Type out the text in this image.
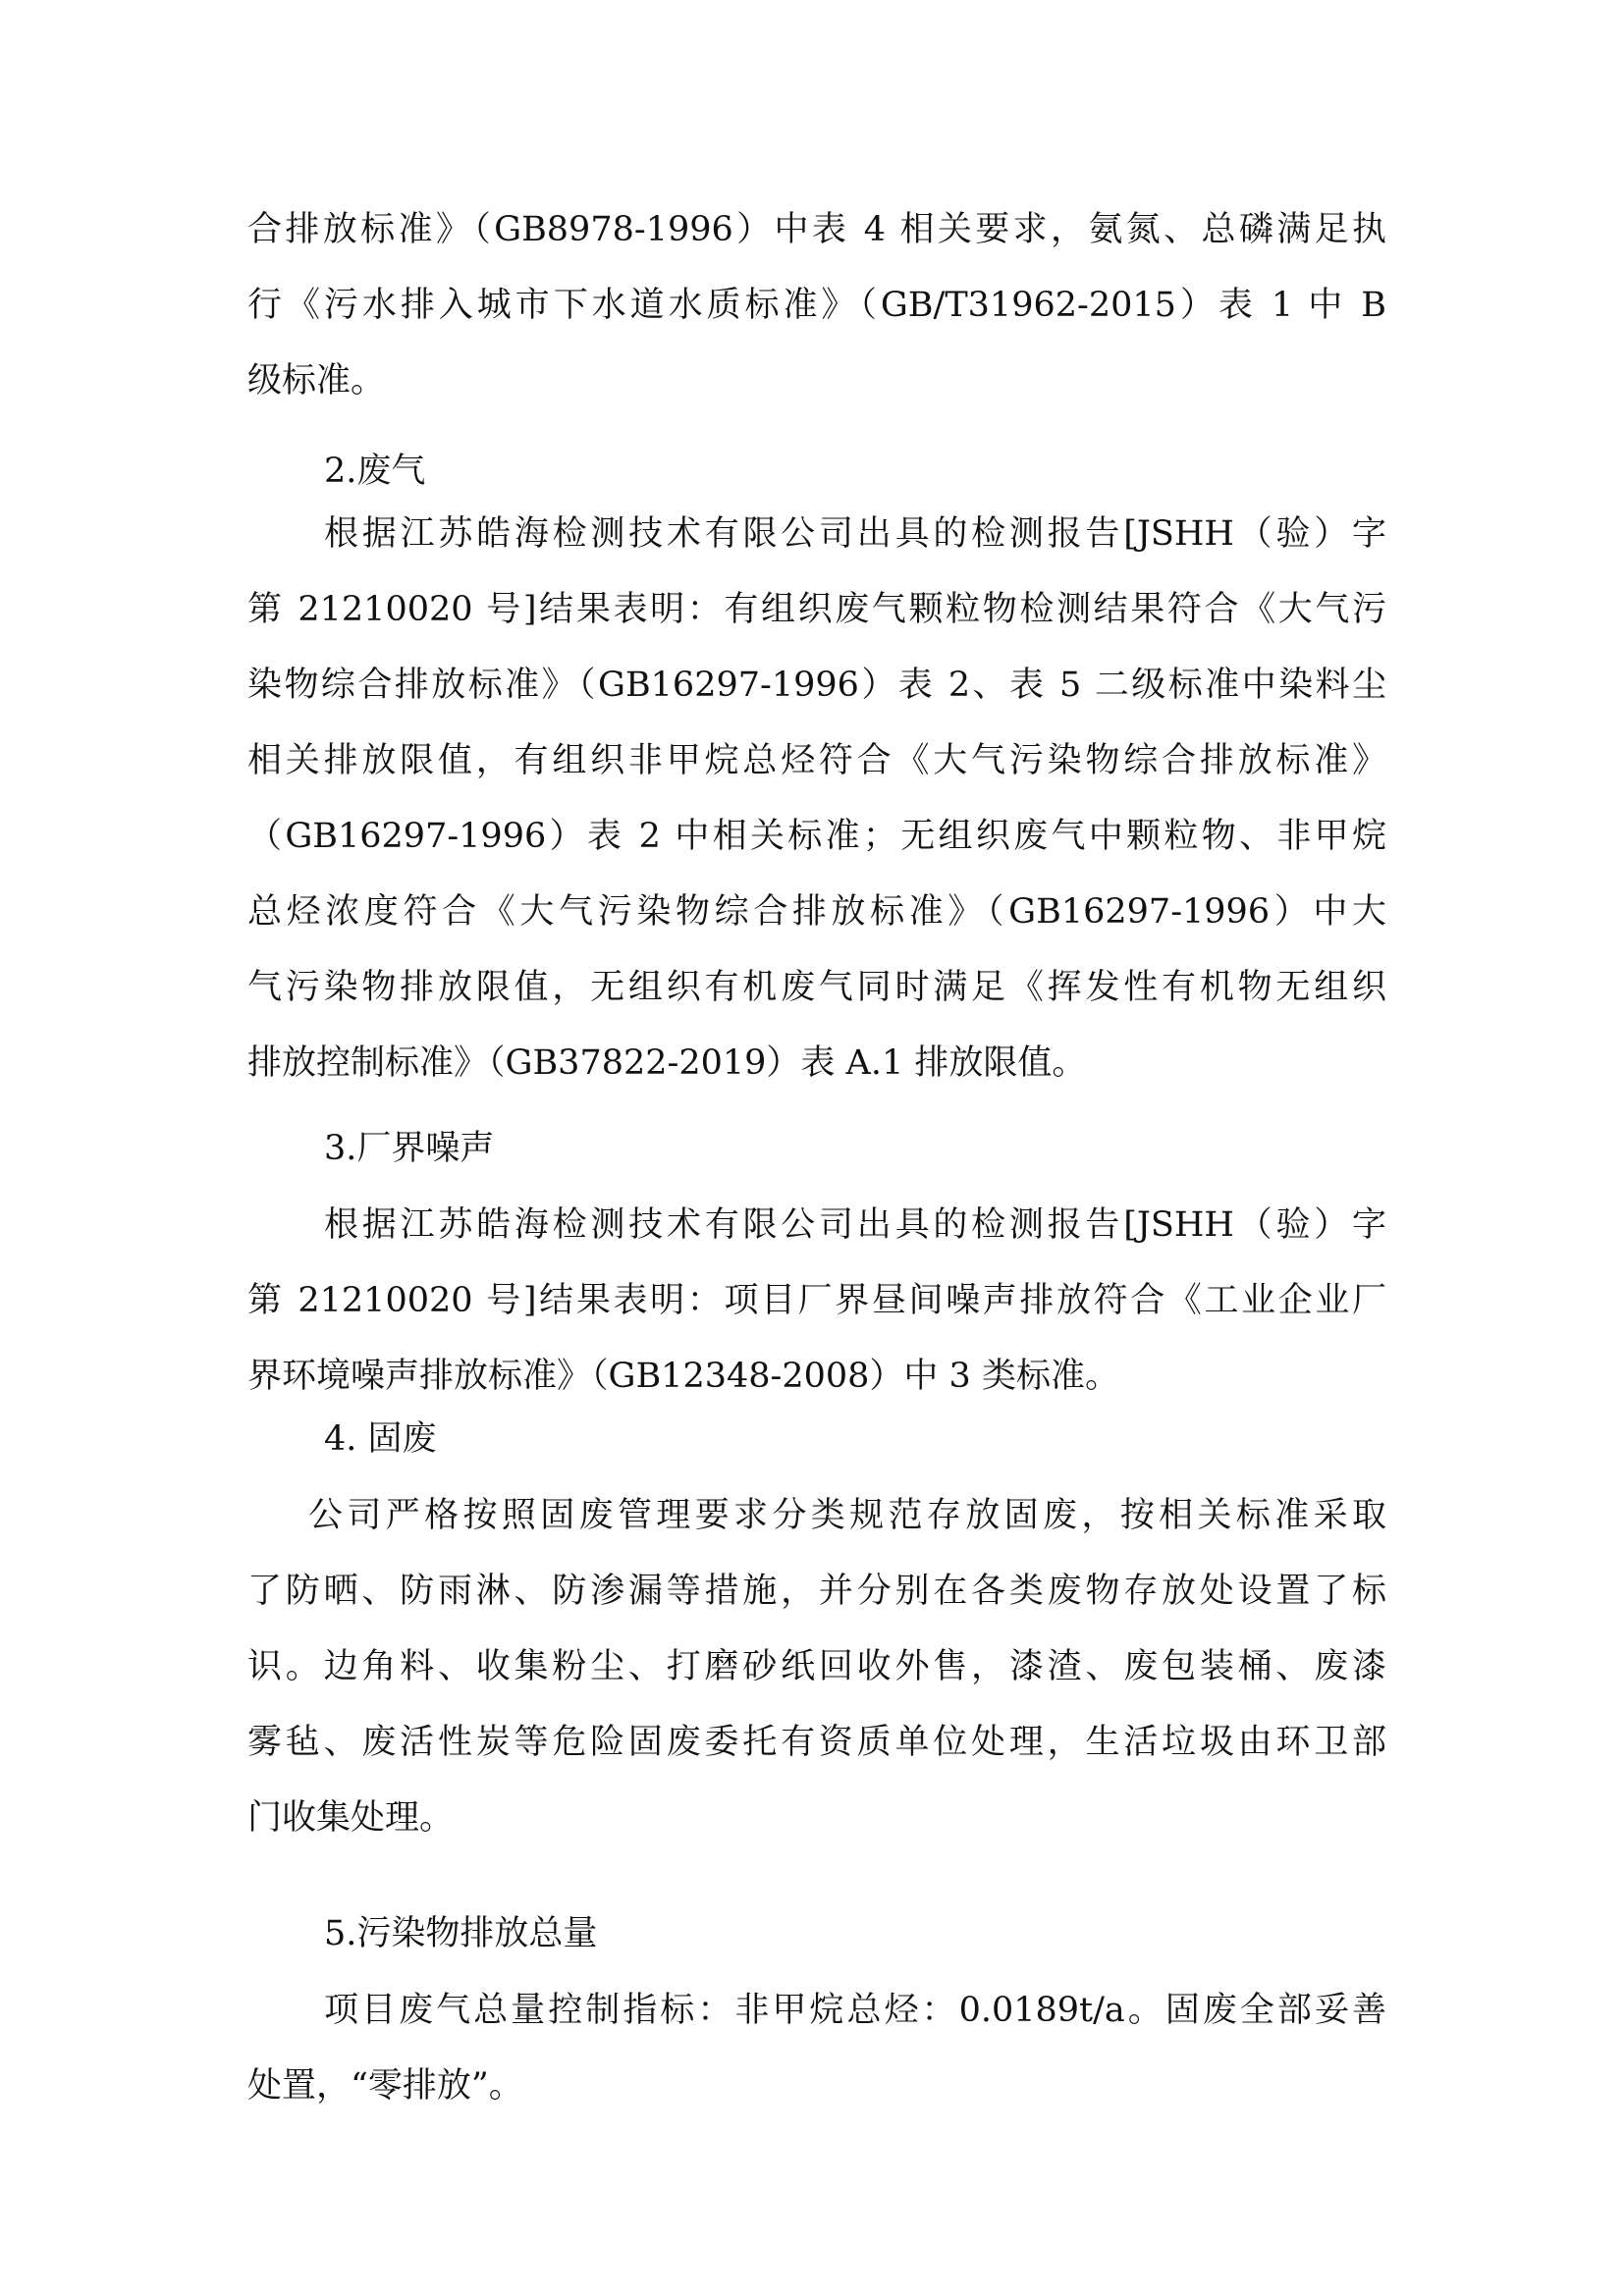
合排放标准》（GB8978-1996）中表 4 相关要求，氨氮、总磷满足执
行《污水排入城市下水道水质标准》（GB/T31962-2015）表 1 中 B
级标准。
2.废气
根据江苏皓海检测技术有限公司出具的检测报告[JSHH（验）字
第 21210020 号]结果表明：有组织废气颗粒物检测结果符合《大气污
染物综合排放标准》（GB16297-1996）表 2、表 5 二级标准中染料尘
相关排放限值，有组织非甲烷总烃符合《大气污染物综合排放标准》
（GB16297-1996）表 2 中相关标准；无组织废气中颗粒物、非甲烷
总烃浓度符合《大气污染物综合排放标准》（GB16297-1996）中大
气污染物排放限值，无组织有机废气同时满足《挥发性有机物无组织
排放控制标准》（GB37822-2019）表 A.1 排放限值。
3.厂界噪声
根据江苏皓海检测技术有限公司出具的检测报告[JSHH（验）字
第 21210020 号]结果表明：项目厂界昼间噪声排放符合《工业企业厂
界环境噪声排放标准》（GB12348-2008）中 3 类标准。
4. 固废
公司严格按照固废管理要求分类规范存放固废，按相关标准采取
了防晒、防雨淋、防渗漏等措施，并分别在各类废物存放处设置了标
识。边角料、收集粉尘、打磨砂纸回收外售，漆渣、废包装桶、废漆
雾毡、废活性炭等危险固废委托有资质单位处理，生活垃圾由环卫部
门收集处理。
5.污染物排放总量
项目废气总量控制指标：非甲烷总烃：0.0189t/a。固废全部妥善
处置，“零排放”。
